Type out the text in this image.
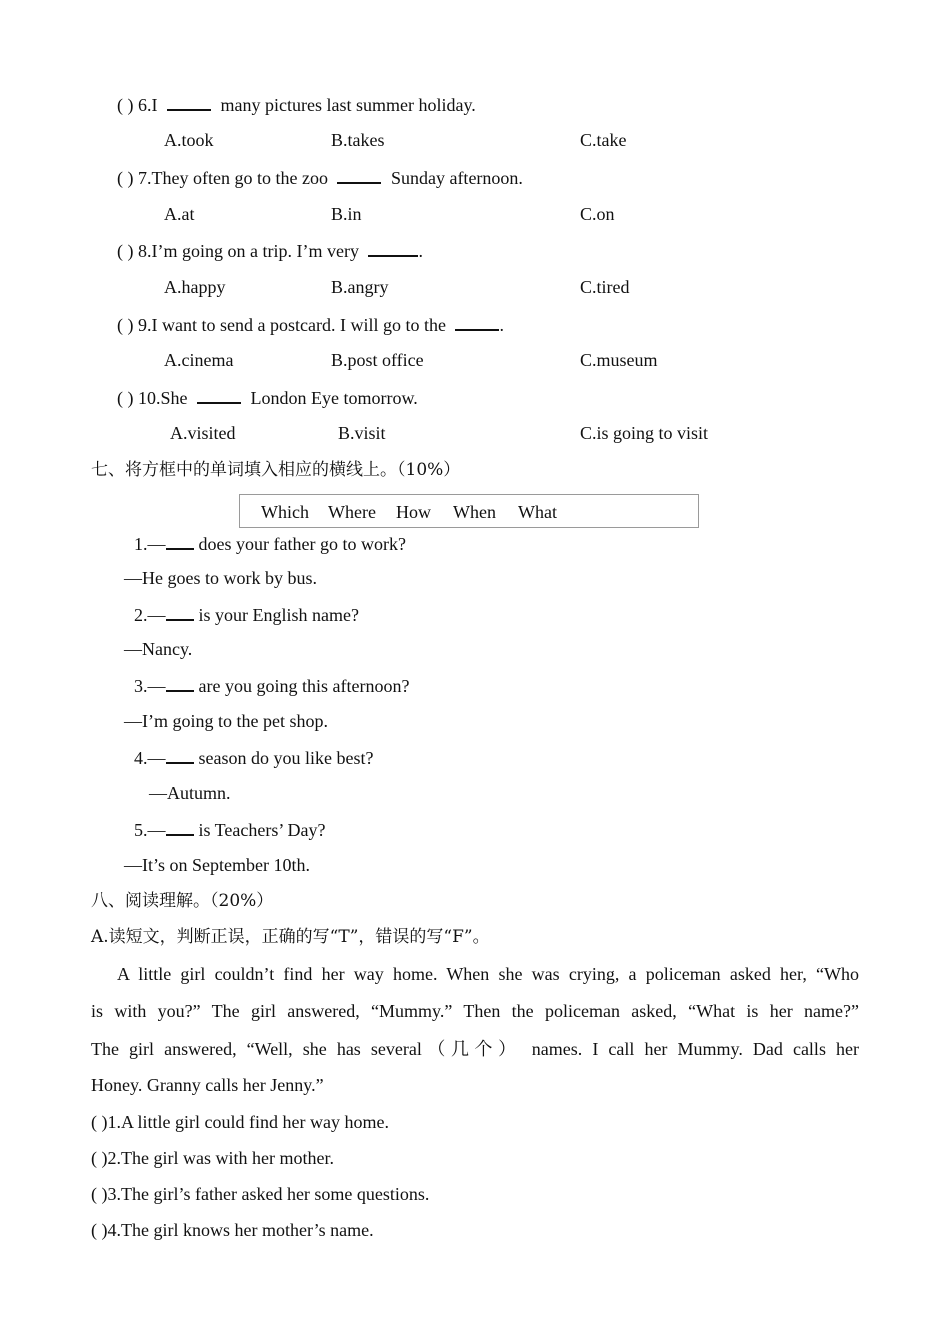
( ) 6.I	many pictures last summer holiday.
A.took	B.takes	C.take
( ) 7.They often go to the zoo	Sunday afternoon.
A.at	B.in	C.on
( ) 8.I’m going on a trip. I’m very	.
A.happy	B.angry	C.tired
( ) 9.I want to send a postcard. I will go to the	.
A.cinema	B.post office	C.museum
( ) 10.She	London Eye tomorrow.
A.visited	B.visit	C.is going to visit
七、将方框中的单词填入相应的横线上。（10%）
Which Where How When What
1.— does your father go to work?
—He goes to work by bus.
2.— is your English name?
—Nancy.
3.— are you going this afternoon?
—I’m going to the pet shop.
4.— season do you like best?
—Autumn.
5.— is Teachers’ Day?
—It’s on September 10th.
八、阅读理解。（20%）
A.读短文，判断正误，正确的写“T”，错误的写“F”。
A little girl couldn’t find her way home. When she was crying, a policeman asked her, “Who
is with you?” The girl answered, “Mummy.” Then the policeman asked, “What is her name?”
The girl answered, “Well, she has several（几个） names. I call her Mummy. Dad calls her
Honey. Granny calls her Jenny.”
( )1.A little girl could find her way home.
( )2.The girl was with her mother.
( )3.The girl’s father asked her some questions.
( )4.The girl knows her mother’s name.
